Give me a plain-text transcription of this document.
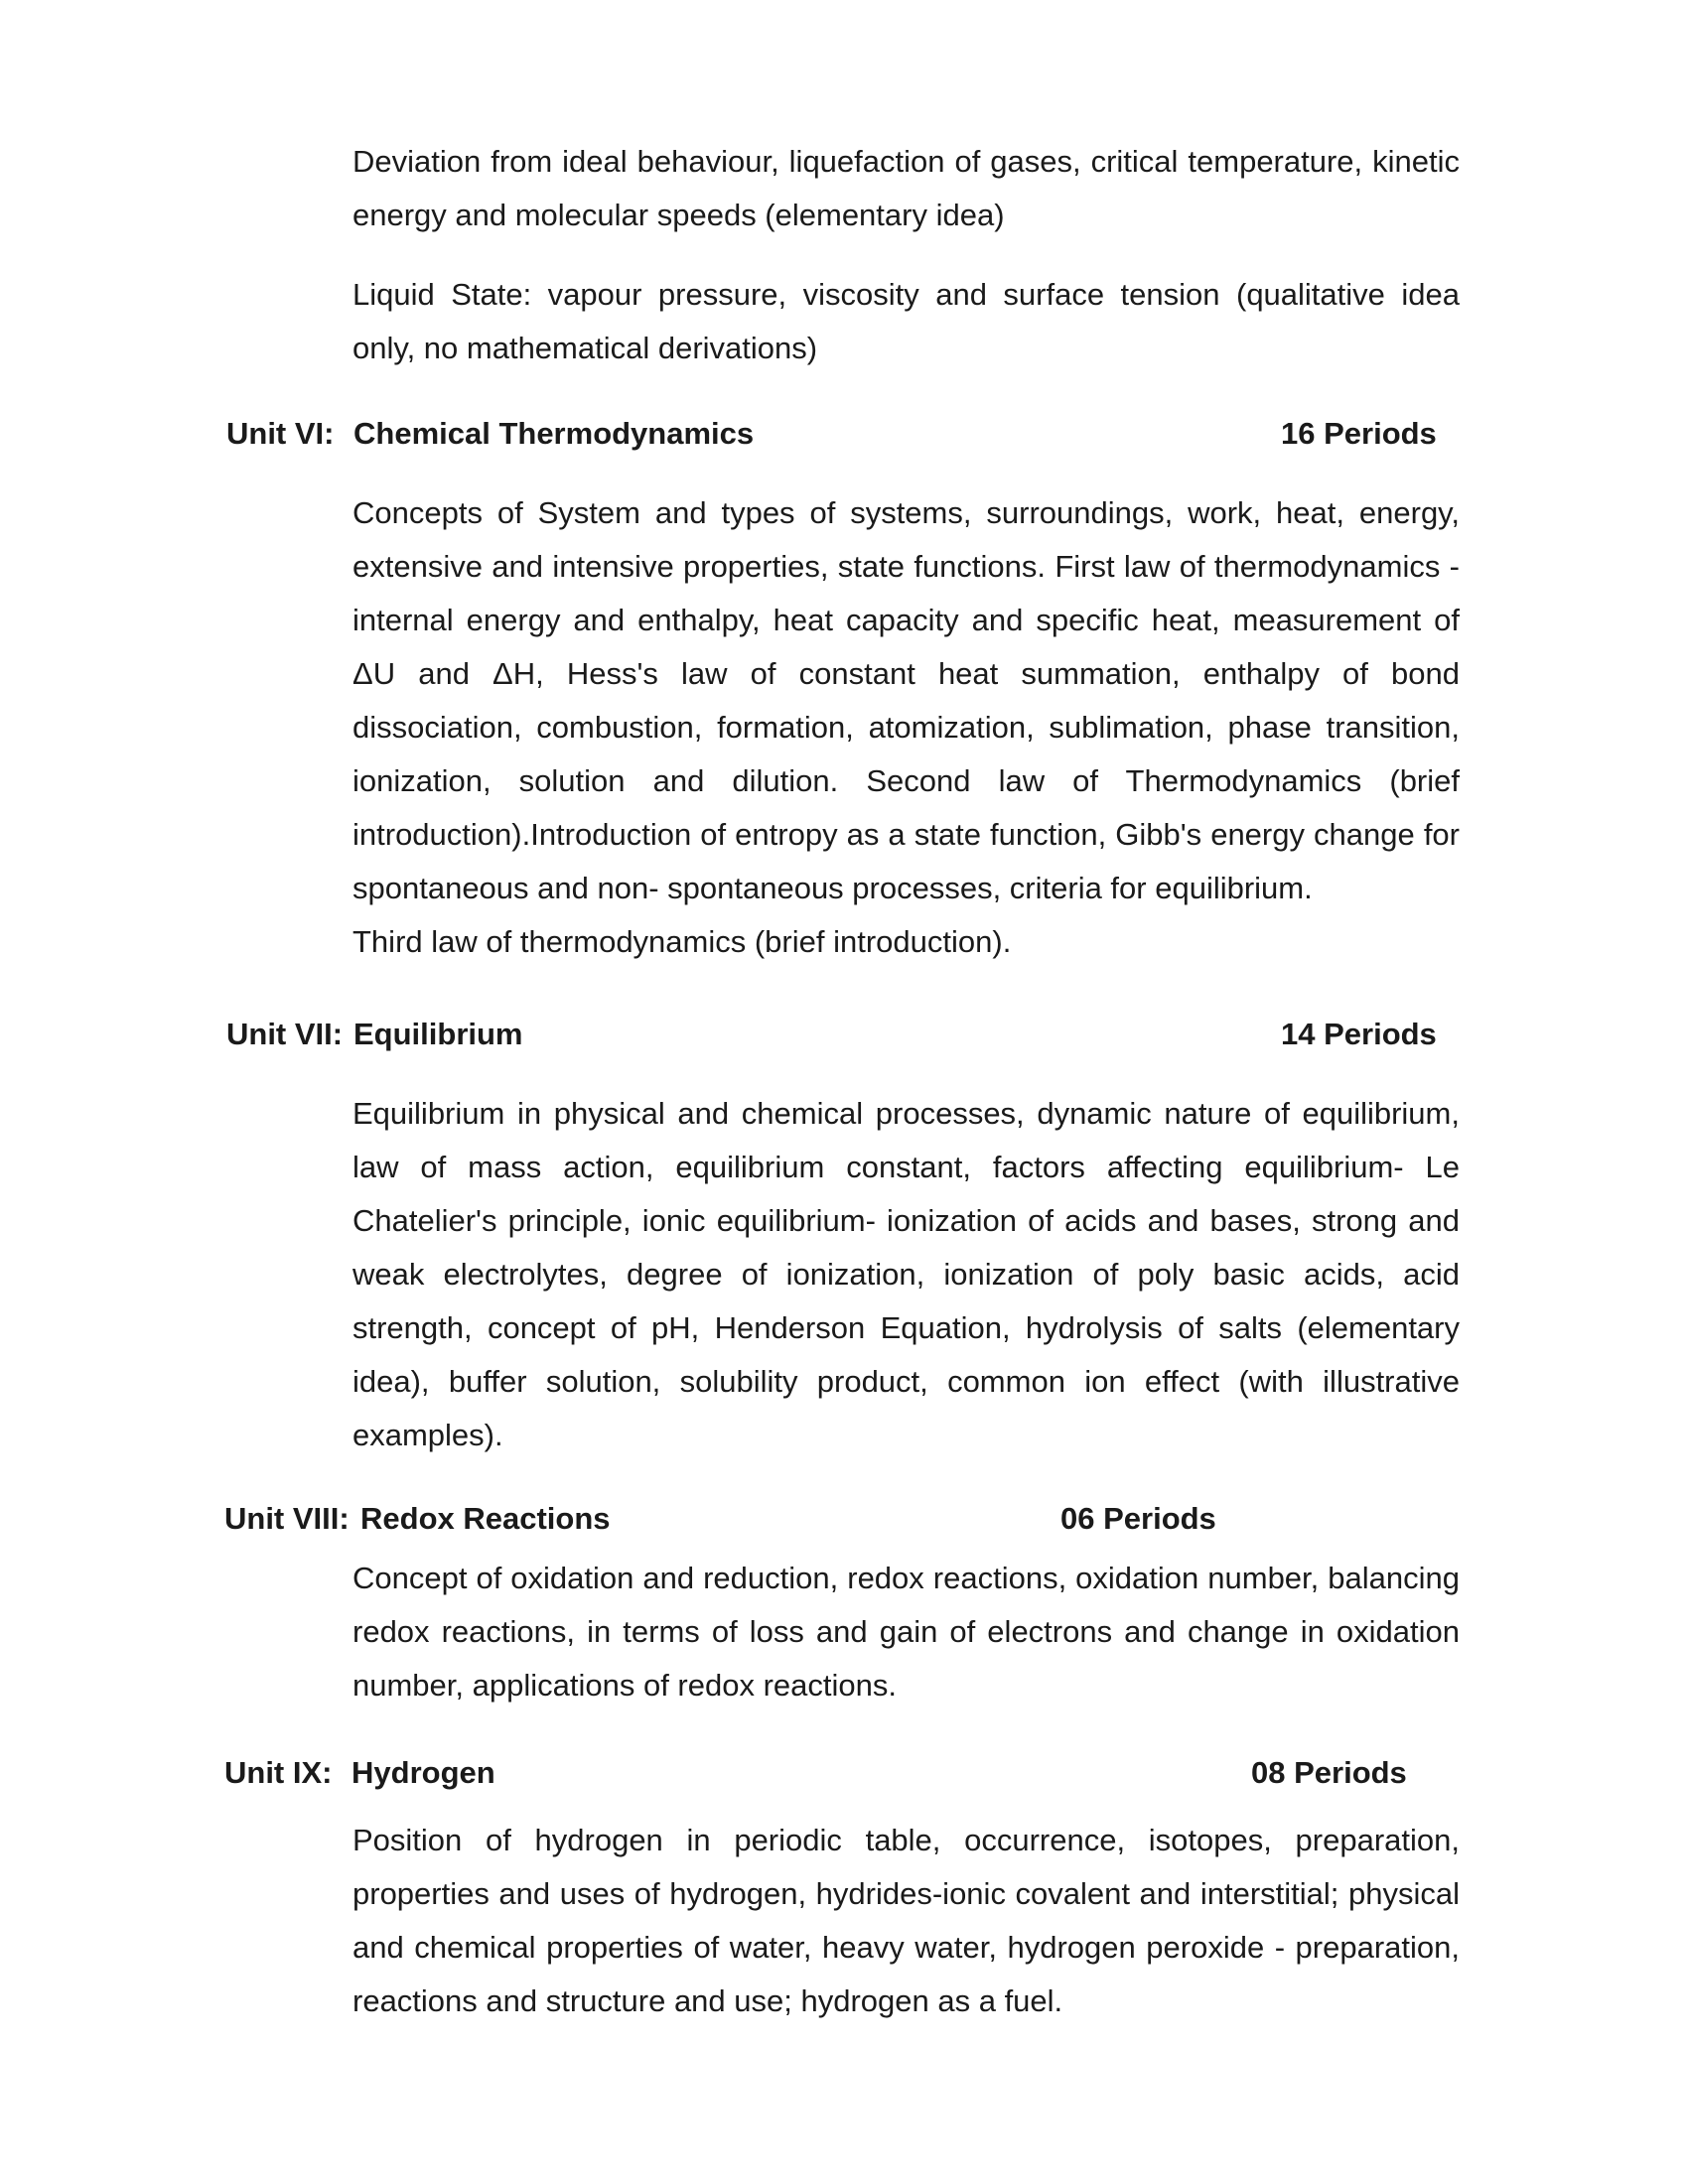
Deviation from ideal behaviour, liquefaction of gases, critical temperature, kinetic energy and molecular speeds (elementary idea)

Liquid State: vapour pressure, viscosity and surface tension (qualitative idea only, no mathematical derivations)

Unit VI: Chemical Thermodynamics	16 Periods
Concepts of System and types of systems, surroundings, work, heat, energy, extensive and intensive properties, state functions. First law of thermodynamics -internal energy and enthalpy, heat capacity and specific heat, measurement of ΔU and ΔH, Hess's law of constant heat summation, enthalpy of bond dissociation, combustion, formation, atomization, sublimation, phase transition, ionization, solution and dilution. Second law of Thermodynamics (brief introduction).Introduction of entropy as a state function, Gibb's energy change for spontaneous and non- spontaneous processes, criteria for equilibrium.
Third law of thermodynamics (brief introduction).
Unit VII: Equilibrium	14 Periods

Equilibrium in physical and chemical processes, dynamic nature of equilibrium, law of mass action, equilibrium constant, factors affecting equilibrium- Le Chatelier's principle, ionic equilibrium- ionization of acids and bases, strong and weak electrolytes, degree of ionization, ionization of poly basic acids, acid strength, concept of pH, Henderson Equation, hydrolysis of salts (elementary idea), buffer solution, solubility product, common ion effect (with illustrative examples).

Unit VIII: Redox Reactions	06 Periods

Concept of oxidation and reduction, redox reactions, oxidation number, balancing redox reactions, in terms of loss and gain of electrons and change in oxidation number, applications of redox reactions.

Unit IX: Hydrogen	08 Periods

Position of hydrogen in periodic table, occurrence, isotopes, preparation, properties and uses of hydrogen, hydrides-ionic covalent and interstitial; physical and chemical properties of water, heavy water, hydrogen peroxide - preparation, reactions and structure and use; hydrogen as a fuel.
